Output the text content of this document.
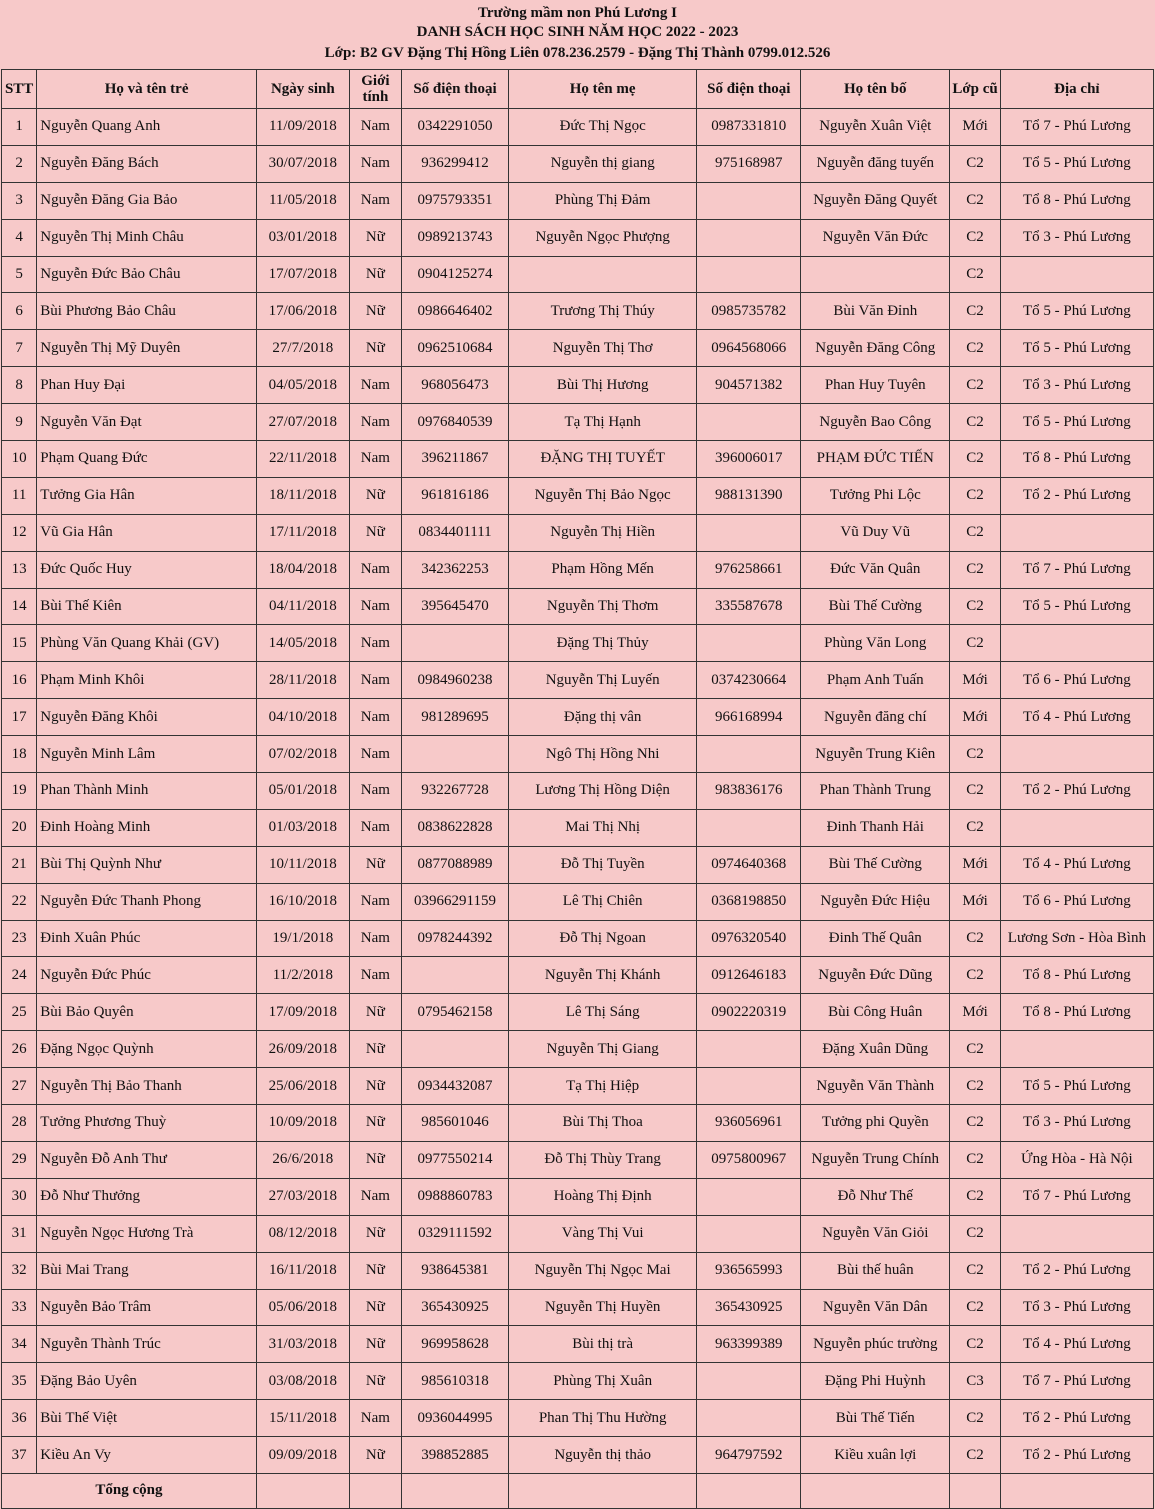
Trường mầm non Phú Lương I
DANH SÁCH HỌC SINH NĂM HỌC 2022 - 2023
Lớp: B2 GV Đặng Thị Hồng Liên 078.236.2579 - Đặng Thị Thành 0799.012.526
STT	Họ và tên trẻ	Ngày sinh	Giới tính	Số điện thoại	Họ tên mẹ	Số điện thoại	Họ tên bố	Lớp cũ	Địa chỉ
1	Nguyễn Quang Anh	11/09/2018	Nam	0342291050	Đức Thị Ngọc	0987331810	Nguyễn Xuân Việt	Mới	Tổ 7 - Phú Lương
2	Nguyễn Đăng Bách	30/07/2018	Nam	936299412	Nguyễn thị giang	975168987	Nguyễn đăng tuyến	C2	Tổ 5 - Phú Lương
3	Nguyễn Đăng Gia Bảo	11/05/2018	Nam	0975793351	Phùng Thị Đảm		Nguyễn Đăng Quyết	C2	Tổ 8 - Phú Lương
4	Nguyễn Thị Minh Châu	03/01/2018	Nữ	0989213743	Nguyễn Ngọc Phượng		Nguyễn Văn Đức	C2	Tổ 3 - Phú Lương
5	Nguyễn Đức Bảo Châu	17/07/2018	Nữ	0904125274				C2	
6	Bùi Phương Bảo Châu	17/06/2018	Nữ	0986646402	Trương Thị Thúy	0985735782	Bùi Văn Đỉnh	C2	Tổ 5 - Phú Lương
7	Nguyễn Thị Mỹ Duyên	27/7/2018	Nữ	0962510684	Nguyễn Thị Thơ	0964568066	Nguyễn Đăng Công	C2	Tổ 5 - Phú Lương
8	Phan Huy Đại	04/05/2018	Nam	968056473	Bùi Thị Hương	904571382	Phan Huy Tuyên	C2	Tổ 3 - Phú Lương
9	Nguyễn Văn Đạt	27/07/2018	Nam	0976840539	Tạ Thị Hạnh		Nguyễn Bao Công	C2	Tổ 5 - Phú Lương
10	Phạm Quang Đức	22/11/2018	Nam	396211867	ĐẶNG THỊ TUYẾT	396006017	PHẠM ĐỨC TIẾN	C2	Tổ 8 - Phú Lương
11	Tưởng Gia Hân	18/11/2018	Nữ	961816186	Nguyễn Thị Bảo Ngọc	988131390	Tưởng Phi Lộc	C2	Tổ 2 - Phú Lương
12	Vũ Gia Hân	17/11/2018	Nữ	0834401111	Nguyễn Thị Hiền		Vũ Duy Vũ	C2	
13	Đức Quốc Huy	18/04/2018	Nam	342362253	Phạm Hồng Mến	976258661	Đức Văn Quân	C2	Tổ 7 - Phú Lương
14	Bùi Thế Kiên	04/11/2018	Nam	395645470	Nguyễn Thị Thơm	335587678	Bùi Thế Cường	C2	Tổ 5 - Phú Lương
15	Phùng Văn Quang Khải (GV)	14/05/2018	Nam		Đặng Thị Thủy		Phùng Văn Long	C2	
16	Phạm Minh Khôi	28/11/2018	Nam	0984960238	Nguyễn Thị Luyến	0374230664	Phạm Anh Tuấn	Mới	Tổ 6 - Phú Lương
17	Nguyễn Đăng Khôi	04/10/2018	Nam	981289695	Đặng thị vân	966168994	Nguyễn đăng chí	Mới	Tổ 4 - Phú Lương
18	Nguyễn Minh Lâm	07/02/2018	Nam		Ngô Thị Hồng Nhi		Nguyễn Trung Kiên	C2	
19	Phan Thành Minh	05/01/2018	Nam	932267728	Lương Thị Hồng Diện	983836176	Phan Thành Trung	C2	Tổ 2 - Phú Lương
20	Đinh Hoàng Minh	01/03/2018	Nam	0838622828	Mai Thị Nhị		Đinh Thanh Hải	C2	
21	Bùi Thị Quỳnh Như	10/11/2018	Nữ	0877088989	Đỗ Thị Tuyền	0974640368	Bùi Thế Cường	Mới	Tổ 4 - Phú Lương
22	Nguyễn Đức Thanh Phong	16/10/2018	Nam	03966291159	Lê Thị Chiên	0368198850	Nguyễn Đức Hiệu	Mới	Tổ 6 - Phú Lương
23	Đinh Xuân Phúc	19/1/2018	Nam	0978244392	Đỗ Thị Ngoan	0976320540	Đinh Thế Quân	C2	Lương Sơn - Hòa Bình
24	Nguyễn Đức Phúc	11/2/2018	Nam		Nguyễn Thị Khánh	0912646183	Nguyễn Đức Dũng	C2	Tổ 8 - Phú Lương
25	Bùi Bảo Quyên	17/09/2018	Nữ	0795462158	Lê Thị Sáng	0902220319	Bùi Công Huân	Mới	Tổ 8 - Phú Lương
26	Đặng Ngọc Quỳnh	26/09/2018	Nữ		Nguyễn Thị Giang		Đặng Xuân Dũng	C2	
27	Nguyễn Thị Bảo Thanh	25/06/2018	Nữ	0934432087	Tạ Thị Hiệp		Nguyễn Văn Thành	C2	Tổ 5 - Phú Lương
28	Tưởng Phương Thuỳ	10/09/2018	Nữ	985601046	Bùi Thị Thoa	936056961	Tưởng phi Quyền	C2	Tổ 3 - Phú Lương
29	Nguyễn Đỗ Anh Thư	26/6/2018	Nữ	0977550214	Đỗ Thị Thùy Trang	0975800967	Nguyễn Trung Chính	C2	Ứng Hòa - Hà Nội
30	Đỗ Như Thưởng	27/03/2018	Nam	0988860783	Hoàng Thị Định		Đỗ Như Thế	C2	Tổ 7 - Phú Lương
31	Nguyễn Ngọc Hương Trà	08/12/2018	Nữ	0329111592	Vàng Thị Vui		Nguyễn Văn Giỏi	C2	
32	Bùi Mai Trang	16/11/2018	Nữ	938645381	Nguyễn Thị Ngọc Mai	936565993	Bùi thế huân	C2	Tổ 2 - Phú Lương
33	Nguyễn Bảo Trâm	05/06/2018	Nữ	365430925	Nguyễn Thị Huyền	365430925	Nguyễn Văn Dân	C2	Tổ 3 - Phú Lương
34	Nguyễn Thành Trúc	31/03/2018	Nữ	969958628	Bùi thị trà	963399389	Nguyễn phúc trường	C2	Tổ 4 - Phú Lương
35	Đặng Bảo Uyên	03/08/2018	Nữ	985610318	Phùng Thị Xuân		Đặng Phi Huỳnh	C3	Tổ 7 - Phú Lương
36	Bùi Thế Việt	15/11/2018	Nam	0936044995	Phan Thị Thu Hường		Bùi Thế Tiến	C2	Tổ 2 - Phú Lương
37	Kiều An Vy	09/09/2018	Nữ	398852885	Nguyễn thị thảo	964797592	Kiều xuân lợi	C2	Tổ 2 - Phú Lương
Tổng cộng									
